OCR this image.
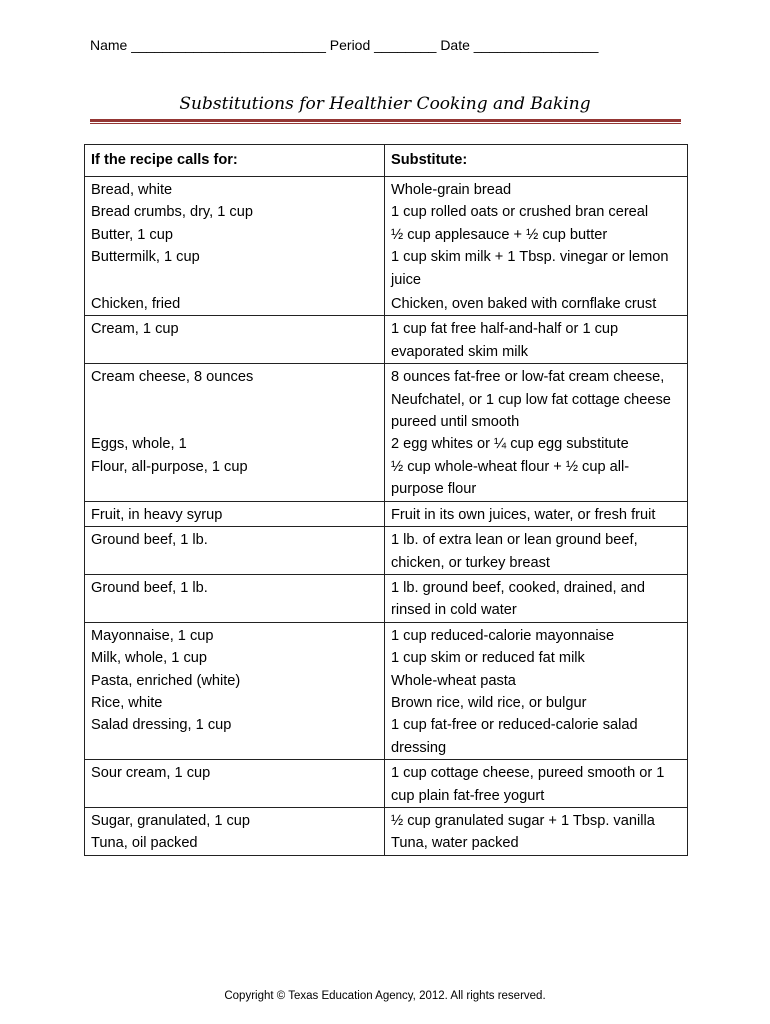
Name _________________________ Period ________ Date ________________
Substitutions for Healthier Cooking and Baking
If the recipe calls for:	Substitute:
Bread, white	Whole-grain bread
Bread crumbs, dry, 1 cup	1 cup rolled oats or crushed bran cereal
Butter, 1 cup	½ cup applesauce + ½ cup butter
Buttermilk, 1 cup	1 cup skim milk + 1 Tbsp. vinegar or lemon juice
Chicken, fried	Chicken, oven baked with cornflake crust
Cream, 1 cup	1 cup fat free half-and-half or 1 cup evaporated skim milk
Cream cheese, 8 ounces	8 ounces fat-free or low-fat cream cheese, Neufchatel, or 1 cup low fat cottage cheese pureed until smooth
Eggs, whole, 1	2 egg whites or ¼ cup egg substitute
Flour, all-purpose, 1 cup	½ cup whole-wheat flour + ½ cup all-purpose flour
Fruit, in heavy syrup	Fruit in its own juices, water, or fresh fruit
Ground beef, 1 lb.	1 lb. of extra lean or lean ground beef, chicken, or turkey breast
Ground beef, 1 lb.	1 lb. ground beef, cooked, drained, and rinsed in cold water
Mayonnaise, 1 cup	1 cup reduced-calorie mayonnaise
Milk, whole, 1 cup	1 cup skim or reduced fat milk
Pasta, enriched (white)	Whole-wheat pasta
Rice, white	Brown rice, wild rice, or bulgur
Salad dressing, 1 cup	1 cup fat-free or reduced-calorie salad dressing
Sour cream, 1 cup	1 cup cottage cheese, pureed smooth or 1 cup plain fat-free yogurt
Sugar, granulated, 1 cup	½ cup granulated sugar + 1 Tbsp. vanilla
Tuna, oil packed	Tuna, water packed
Copyright © Texas Education Agency, 2012. All rights reserved.
